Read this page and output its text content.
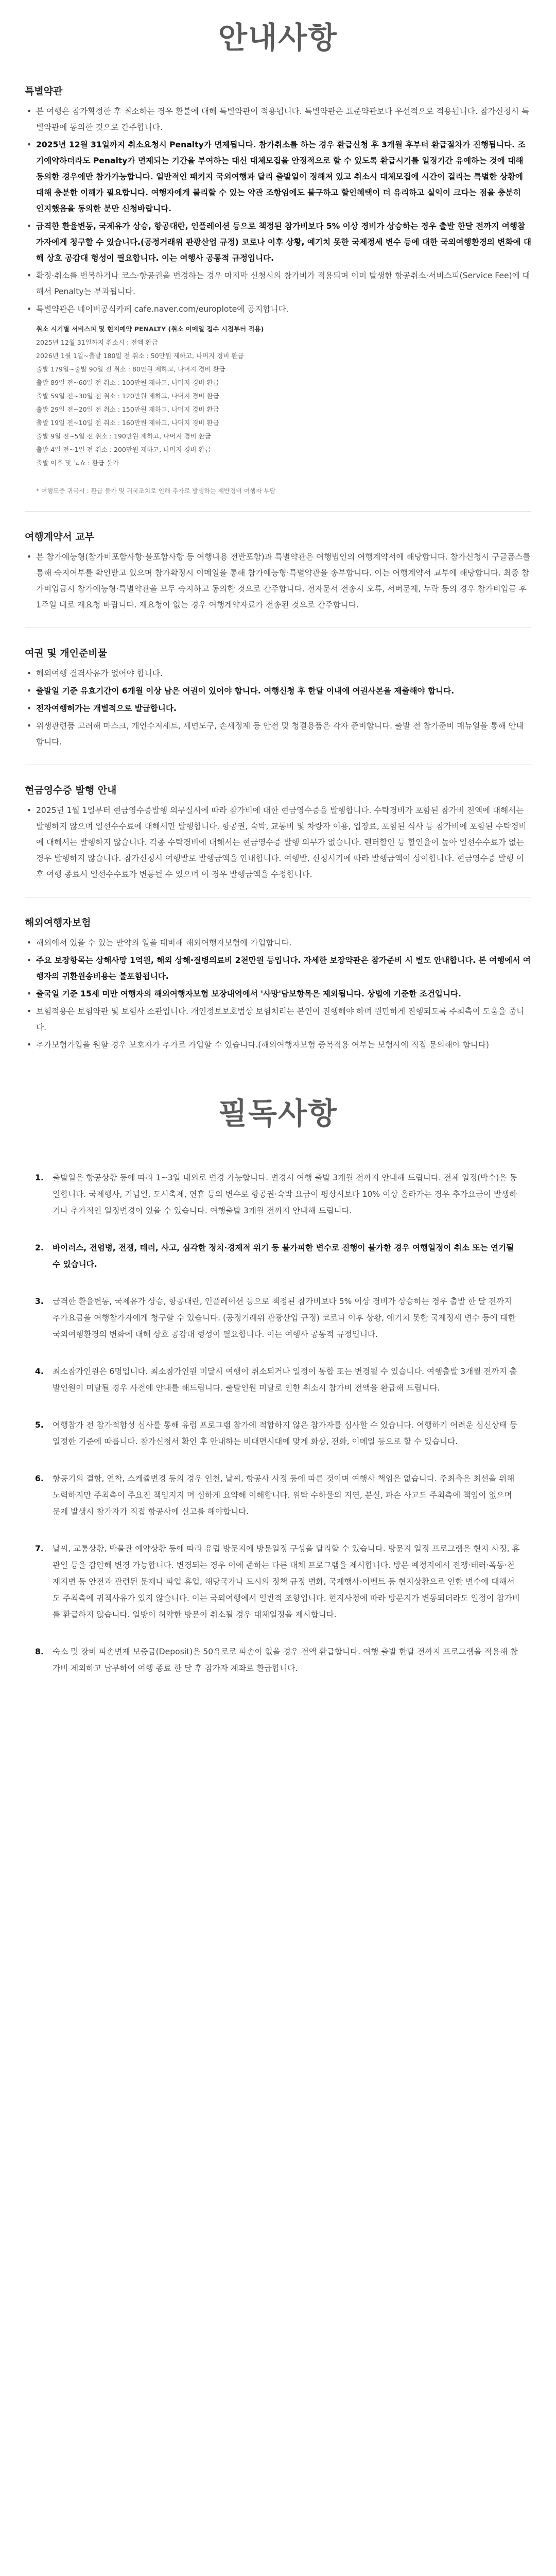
안내사항
특별약관
• 본 여행은 참가확정한 후 취소하는 경우 환불에 대해 특별약관이 적용됩니다. 특별약관은 표준약관보다 우선적으로 적용됩니다. 참가신청시 특별약관에 동의한 것으로 간주합니다.
• 2025년 12월 31일까지 취소요청시 Penalty가 면제됩니다. 참가취소를 하는 경우 환급신청 후 3개월 후부터 환급절차가 진행됩니다. 조기예약하더라도 Penalty가 면제되는 기간을 부여하는 대신 대체모집을 안정적으로 할 수 있도록 환급시기를 일정기간 유예하는 것에 대해 동의한 경우에만 참가가능합니다. 일반적인 패키지 국외여행과 달리 출발일이 정해져 있고 취소시 대체모집에 시간이 걸리는 특별한 상황에 대해 충분한 이해가 필요합니다. 여행자에게 불리할 수 있는 약관 조항임에도 불구하고 할인혜택이 더 유리하고 실익이 크다는 점을 충분히 인지했음을 동의한 분만 신청바랍니다.
• 급격한 환율변동, 국제유가 상승, 항공대란, 인플레이션 등으로 책정된 참가비보다 5% 이상 경비가 상승하는 경우 출발 한달 전까지 여행참가자에게 청구할 수 있습니다.(공정거래위 관광산업 규정) 코로나 이후 상황, 예기치 못한 국제정세 변수 등에 대한 국외여행환경의 변화에 대해 상호 공감대 형성이 필요합니다. 이는 여행사 공통적 규정입니다.
• 확정·취소를 번복하거나 코스·항공권을 변경하는 경우 마지막 신청시의 참가비가 적용되며 이미 발생한 항공취소·서비스피(Service Fee)에 대해서 Penalty는 부과됩니다.
• 특별약관은 네이버공식카페 cafe.naver.com/europlote에 공지합니다.
취소 시기별 서비스피 및 현지예약 PENALTY (취소 이메일 접수 시점부터 적용)
2025년 12월 31일까지 취소시 : 전액 환급
2026년 1월 1일~출발 180일 전 취소 : 50만원 제하고, 나머지 경비 환급
출발 179일~출발 90일 전 취소 : 80만원 제하고, 나머지 경비 환급
출발 89일 전~60일 전 취소 : 100만원 제하고, 나머지 경비 환급
출발 59일 전~30일 전 취소 : 120만원 제하고, 나머지 경비 환급
출발 29일 전~20일 전 취소 : 150만원 제하고, 나머지 경비 환급
출발 19일 전~10일 전 취소 : 160만원 제하고, 나머지 경비 환급
출발 9일 전~5일 전 취소 : 190만원 제하고, 나머지 경비 환급
출발 4일 전~1일 전 취소 : 200만원 제하고, 나머지 경비 환급
출발 이후 및 노쇼 : 환급 불가
* 여행도중 귀국시 : 환급 불가 및 귀국조치로 인해 추가로 발생하는 제반경비 여행자 부담
여행계약서 교부
• 본 참가예능형(참가비포함사항·불포함사항 등 여행내용 전반포함)과 특별약관은 여행법인의 여행계약서에 해당합니다. 참가신청시 구글폼스를 통해 숙지여부를 확인받고 있으며 참가확정시 이메일을 통해 참가예능형·특별약관을 송부합니다. 이는 여행계약서 교부에 해당합니다. 최종 참가비입금시 참가예능형·특별약관을 모두 숙지하고 동의한 것으로 간주합니다. 전자문서 전송시 오류, 서버문제, 누락 등의 경우 참가비입금 후 1주일 내로 재요청 바랍니다. 재요청이 없는 경우 여행계약자료가 전송된 것으로 간주합니다.
여권 및 개인준비물
• 해외여행 결격사유가 없어야 합니다.
• 출발일 기준 유효기간이 6개월 이상 남은 여권이 있어야 합니다. 여행신청 후 한달 이내에 여권사본을 제출해야 합니다.
• 전자여행허가는 개별적으로 발급합니다.
• 위생관련품 고려해 마스크, 개인수저세트, 세면도구, 손세정제 등 안전 및 청결용품은 각자 준비합니다. 출발 전 참가준비 매뉴얼을 통해 안내합니다.
현금영수증 발행 안내
• 2025년 1월 1일부터 현금영수증발행 의무실시에 따라 참가비에 대한 현금영수증을 발행합니다. 수탁경비가 포함된 참가비 전액에 대해서는 발행하지 않으며 일선수수료에 대해서만 발행합니다. 항공권, 숙박, 교통비 및 차량자 이용, 입장료, 포함된 식사 등 참가비에 포함된 수탁경비에 대해서는 발행하지 않습니다. 각종 수탁경비에 대해서는 현금영수증 발행 의무가 없습니다. 렌터할인 등 할인율이 높아 일선수수료가 없는 경우 발행하지 않습니다. 참가신청시 여행발로 발행금액을 안내합니다. 여행발, 신청시기에 따라 발행금액이 상이합니다. 현금영수증 발행 이후 여행 종료시 일선수수료가 변동될 수 있으며 이 경우 발행금액을 수정합니다.
해외여행자보험
• 해외에서 있을 수 있는 만약의 일을 대비해 해외여행자보험에 가입합니다.
• 주요 보장항목는 상해사망 1억원, 해외 상해·질병의료비 2천만원 등입니다. 자세한 보장약관은 참가준비 시 별도 안내합니다. 본 여행에서 여행자의 귀환원송비용는 불포함됩니다.
• 출국일 기준 15세 미만 여행자의 해외여행자보험 보장내역에서 '사망'담보항목은 제외됩니다. 상법에 기준한 조건입니다.
• 보험적용은 보험약관 및 보험사 소관입니다. 개인정보보호법상 보험처리는 본인이 진행해야 하며 원만하게 진행되도록 주최측이 도움을 줍니다.
• 추가보험가입을 원할 경우 보호자가 추가로 가입할 수 있습니다.(해외여행자보험 중복적용 여부는 보험사에 직접 문의해야 합니다)
필독사항
1. 출발일은 항공상황 등에 따라 1~3일 내외로 변경 가능합니다. 변경시 여행 출발 3개월 전까지 안내해 드립니다. 전체 일정(박수)은 동일합니다. 국제행사, 기념일, 도시축제, 연휴 등의 변수로 항공권·숙박 요금이 평상시보다 10% 이상 올라가는 경우 추가요금이 발생하거나 추가적인 일정변경이 있을 수 있습니다. 여행출발 3개월 전까지 안내해 드립니다.
2. 바이러스, 전염병, 전쟁, 테러, 사고, 심각한 정치·경제적 위기 등 불가피한 변수로 진행이 불가한 경우 여행일정이 취소 또는 연기될 수 있습니다.
3. 급격한 환율변동, 국제유가 상승, 항공대란, 인플레이션 등으로 책정된 참가비보다 5% 이상 경비가 상승하는 경우 출발 한 달 전까지 추가요금을 여행참가자에게 청구할 수 있습니다. (공정거래위 관광산업 규정) 코로나 이후 상황, 예기치 못한 국제정세 변수 등에 대한 국외여행환경의 변화에 대해 상호 공감대 형성이 필요합니다. 이는 여행사 공통적 규정입니다.
4. 최소참가인원은 6명입니다. 최소참가인원 미달시 여행이 취소되거나 일정이 통합 또는 변경될 수 있습니다. 여행출발 3개월 전까지 출발인원이 미달될 경우 사전에 안내를 해드립니다. 출발인원 미달로 인한 취소시 참가비 전액을 환급해 드립니다.
5. 여행참가 전 참가적합성 심사를 통해 유럽 프로그램 참가에 적합하지 않은 참가자를 심사할 수 있습니다. 여행하기 어려운 심신상태 등 일정한 기준에 따릅니다. 참가신청서 확인 후 안내하는 비대면시대에 맞게 화상, 전화, 이메일 등으로 할 수 있습니다.
6. 항공기의 결항, 연착, 스케쥴변경 등의 경우 인천, 날씨, 항공사 사정 등에 따른 것이며 여행사 책임은 없습니다. 주최측은 최선을 위해 노력하지만 주최측이 주요진 책임지지 며 심하게 요약해 이해합니다. 위탁 수하물의 지연, 분실, 파손 사고도 주최측에 책임이 없으며 문제 발생시 참가자가 직접 항공사에 신고를 해야합니다.
7. 날씨, 교통상황, 박물관 예약상황 등에 따라 유럽 방문지에 방문일정 구성을 달리할 수 있습니다. 방문지 일정 프로그램은 현지 사정, 휴관일 등을 감안해 변경 가능합니다. 변경되는 경우 이에 준하는 다른 대체 프로그램을 제시합니다. 방문 예정지에서 전쟁·테러·폭동·천재지변 등 안전과 관련된 문제나 파업 휴업, 해당국가나 도시의 정책 규정 변화, 국제행사·이벤트 등 현지상황으로 인한 변수에 대해서도 주최측에 귀책사유가 있지 않습니다. 이는 국외여행에서 일반적 조항입니다. 현지사정에 따라 방문지가 변동되더라도 일정이 참가비를 환급하지 않습니다. 일방이 허약한 방문이 취소될 경우 대체일정을 제시합니다.
8. 숙소 및 장비 파손변제 보증금(Deposit)은 50유로로 파손이 없을 경우 전액 환급합니다. 여행 출발 한달 전까지 프로그램을 적용해 참가비 제외하고 납부하여 여행 종료 한 달 후 참가자 계좌로 환급합니다.
